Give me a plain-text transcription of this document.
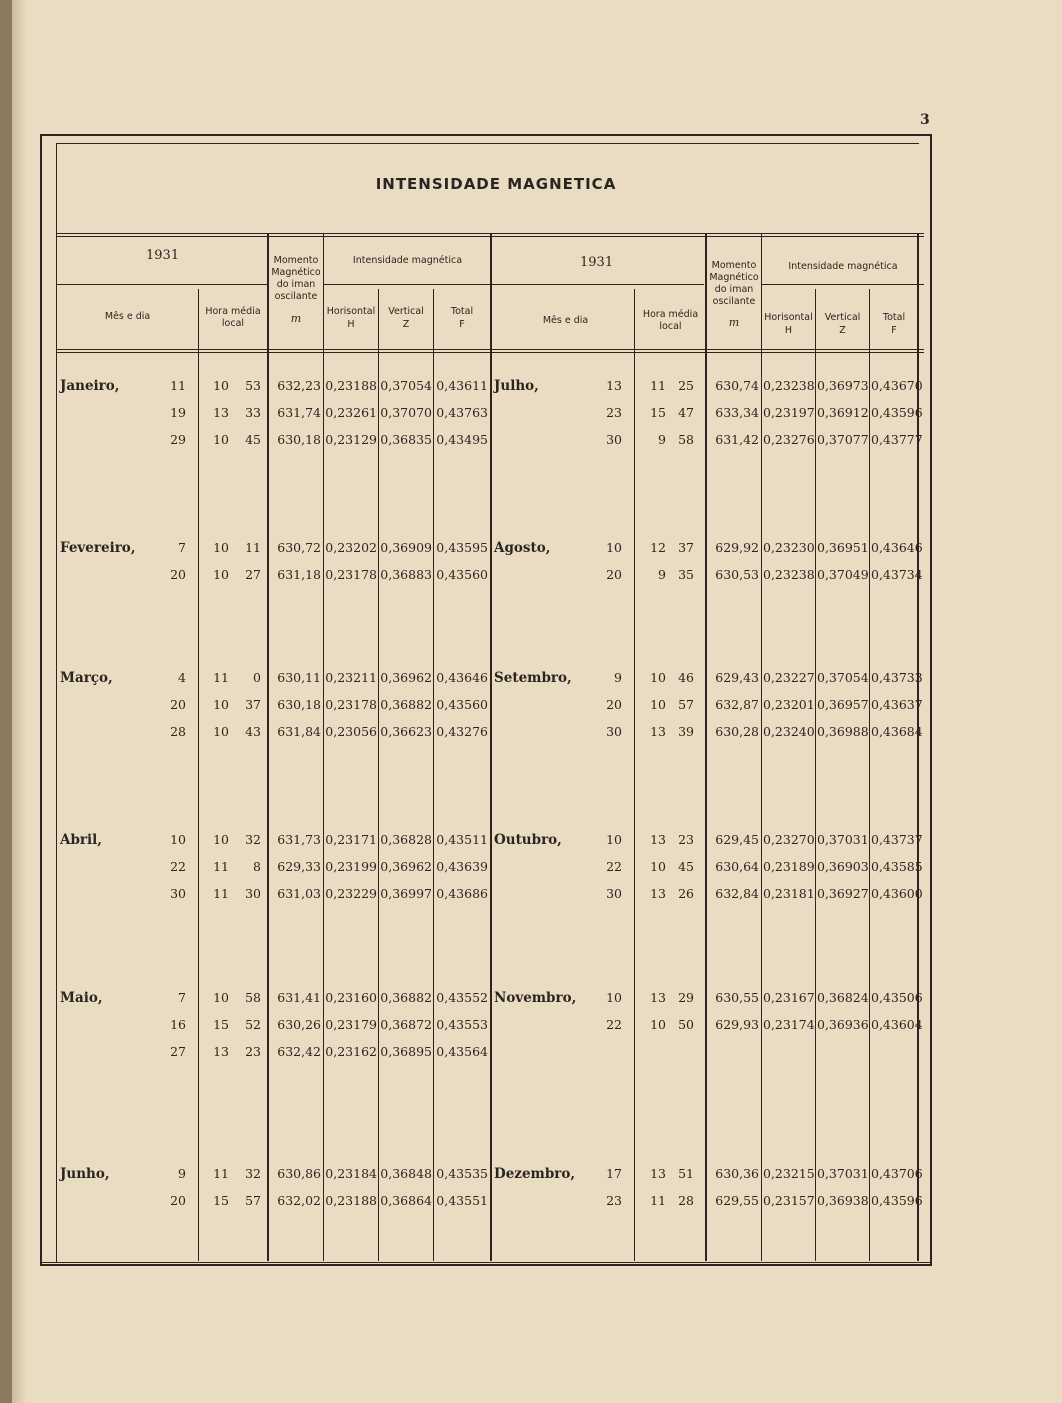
3
INTENSIDADE MAGNETICA
1931
Mês e dia	Hora média local
Momento Magnético do iman oscilante
m
Intensidade magnética
Horisontal
H
Vertical
Z
Total
F
1931
Mês e dia
Hora média local
Momento Magnético do iman oscilante
m
Intensidade magnética
Horisontal
H
Vertical
Z
Total
F
Janeiro,	11	10	53	632,23 0,23188 0,37054 0,43611
19	13	33	631,74 0,23261 0,37070 0,43763
29	10	45	630,18 0,23129 0,36835 0,43495
Fevereiro,	7	10	11	630,72 0,23202 0,36909 0,43595
20	10	27	631,18 0,23178 0,36883 0,43560
Março,	4	11	0	630,11 0,23211 0,36962 0,43646
20	10	37	630,18 0,23178 0,36882 0,43560
28	10	43	631,84 0,23056 0,36623 0,43276
Abril,	10	10	32	631,73 0,23171 0,36828 0,43511
22	11	8	629,33 0,23199 0,36962 0,43639
30	11	30	631,03 0,23229 0,36997 0,43686
Maio,	7	10	58	631,41 0,23160 0,36882 0,43552
16	15	52	630,26 0,23179 0,36872 0,43553
27	13	23	632,42 0,23162 0,36895 0,43564
Junho,	9	11	32	630,86 0,23184 0,36848 0,43535
20	15	57	632,02 0,23188 0,36864 0,43551
Julho,	13	11 25	630,74 0,23238 0,36973 0,43670
23	15 47	633,34 0,23197 0,36912 0,43596
30	9 58	631,42 0,23276 0,37077 0,43777
Agosto,	10	12 37	629,92 0,23230 0,36951 0,43646
20	9 35	630,53 0,23238 0,37049 0,43734
Setembro,	9	10 46	629,43 0,23227 0,37054 0,43733
20	10 57	632,87 0,23201 0,36957 0,43637
30	13 39	630,28 0,23240 0,36988 0,43684
Outubro,	10	13 23	629,45 0,23270 0,37031 0,43737
22	10 45	630,64 0,23189 0,36903 0,43585
30	13 26	632,84 0,23181 0,36927 0,43600
Novembro,	10	13 29	630,55 0,23167 0,36824 0,43506
22	10 50	629,93 0,23174 0,36936 0,43604
Dezembro,	17	13 51	630,36 0,23215 0,37031 0,43706
23	11 28	629,55 0,23157 0,36938 0,43596
